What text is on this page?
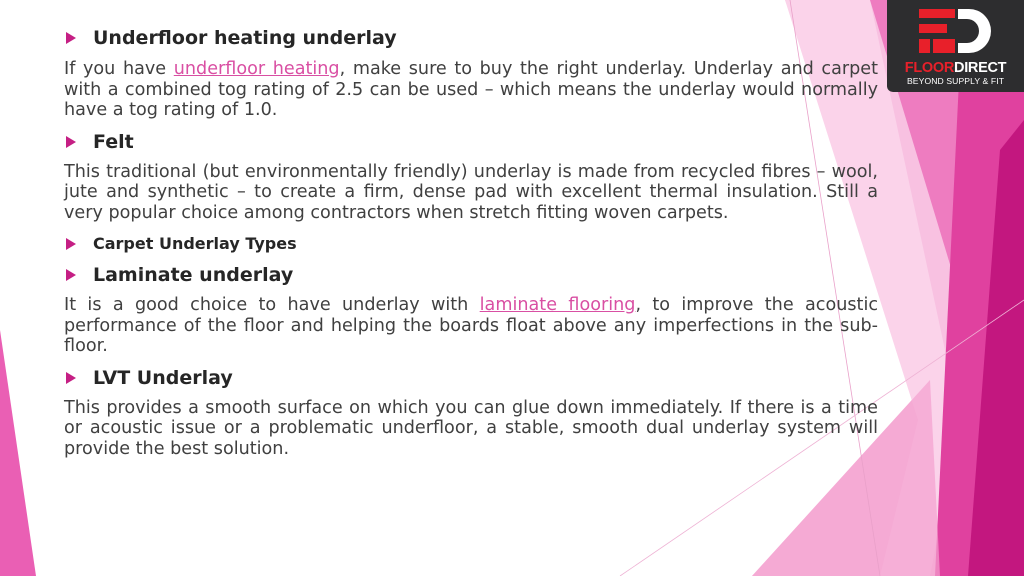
FLOORDIRECT
BEYOND SUPPLY & FIT
Underfloor heating underlay

If you have underfloor heating, make sure to buy the right underlay. Underlay and carpet with a combined tog rating of 2.5 can be used – which means the underlay would normally have a tog rating of 1.0.

Felt

This traditional (but environmentally friendly) underlay is made from recycled fibres – wool, jute and synthetic – to create a firm, dense pad with excellent thermal insulation. Still a very popular choice among contractors when stretch fitting woven carpets.

Carpet Underlay Types
Laminate underlay

It is a good choice to have underlay with laminate flooring, to improve the acoustic performance of the floor and helping the boards float above any imperfections in the sub-floor.

LVT Underlay

This provides a smooth surface on which you can glue down immediately. If there is a time or acoustic issue or a problematic underfloor, a stable, smooth dual underlay system will provide the best solution.
